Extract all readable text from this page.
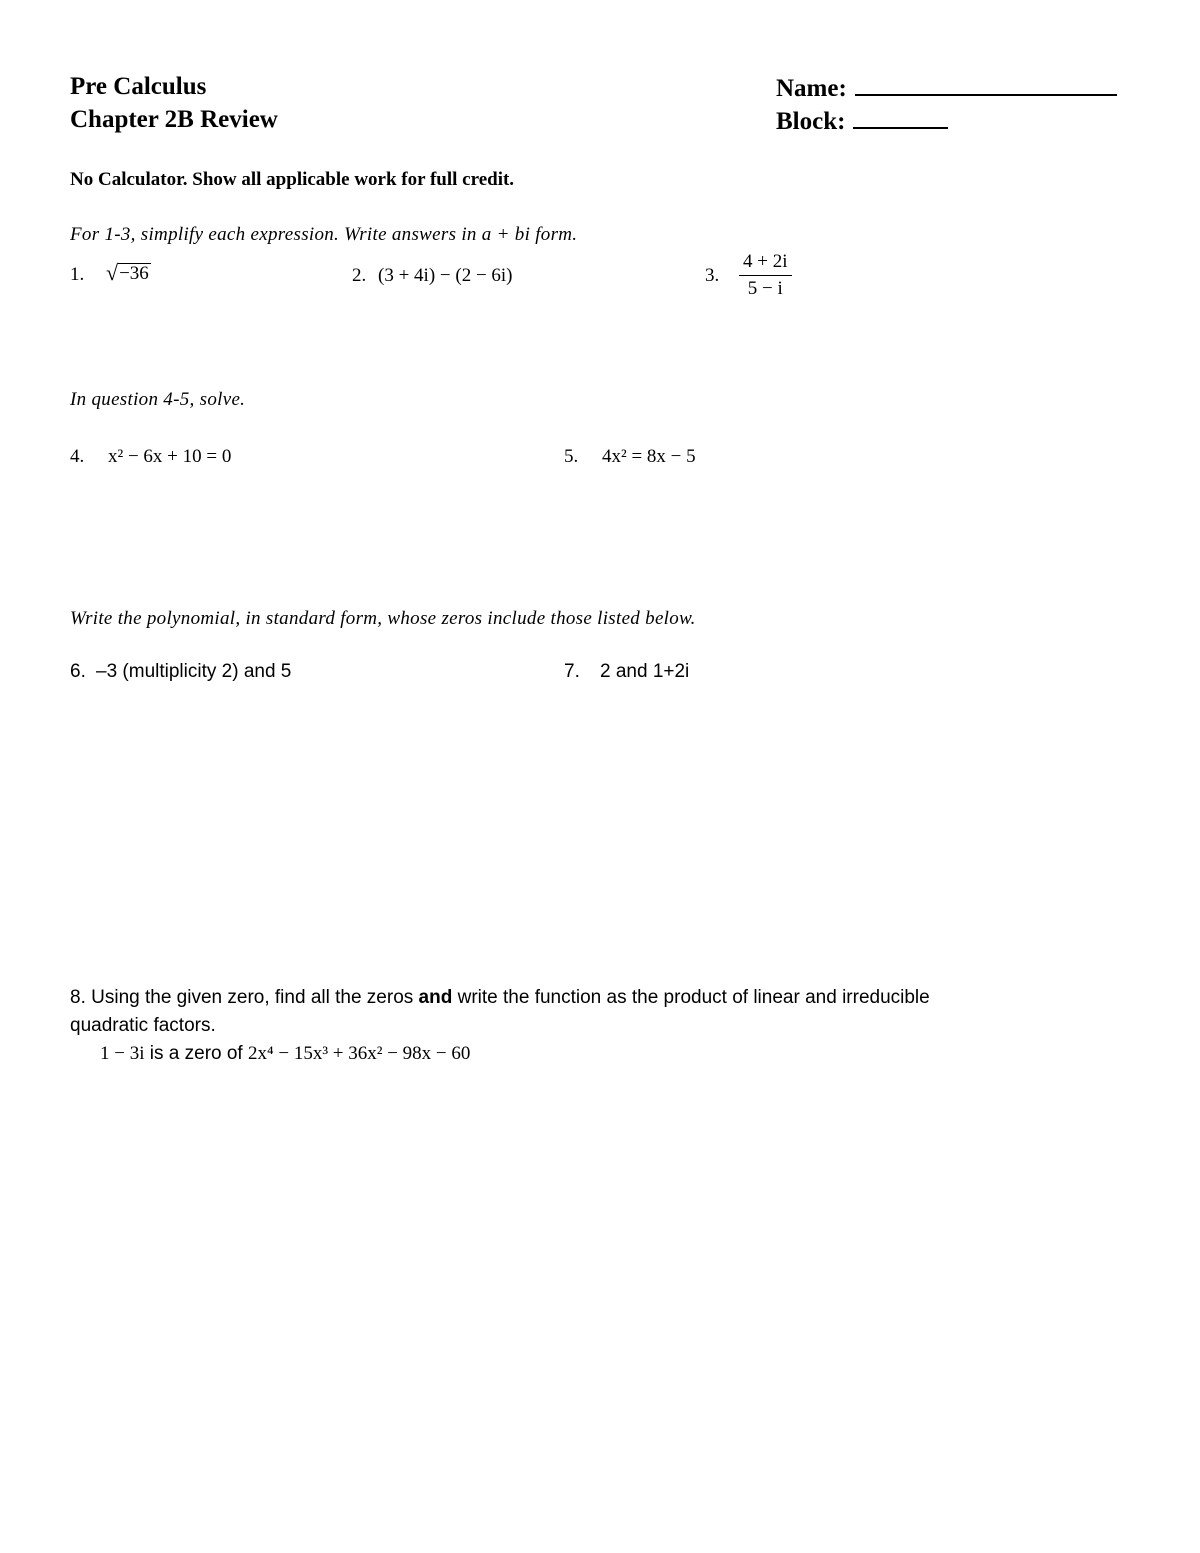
Pre Calculus
Chapter 2B Review
Name:
Block:
No Calculator. Show all applicable work for full credit.
For 1-3, simplify each expression. Write answers in a + bi form.
1. √ −36	2. (3 + 4i) − (2 − 6i)	3. $\frac{4 + 2i}{5 - i}$
In question 4-5, solve.
4. x² − 6x + 10 = 0	5. 4x² = 8x − 5
Write the polynomial, in standard form, whose zeros include those listed below.
6. –3 (multiplicity 2) and 5	7. 2 and 1+2i
8. Using the given zero, find all the zeros and write the function as the product of linear and irreducible
quadratic factors.
1 − 3i is a zero of 2x⁴ − 15x³ + 36x² − 98x − 60
